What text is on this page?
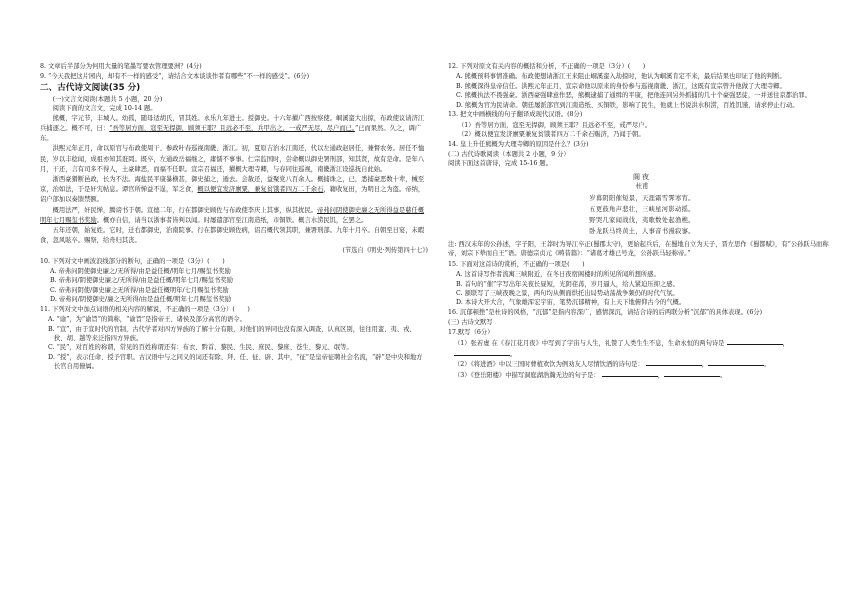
8. 文章后半部分为何用大量的笔墨写要农管理要洲？(4分)

9. “今天我把这片园内，却有不一样的感受”，请结合文本谈谈作者有哪些“不一样的感受”。(6分)

二、古代诗文阅读(35 分)

(一)文言文阅读(本题共 5 小题，20 分)

阅读下面的文言文，完成 10-14 题。

熊概，字元节，丰城人。幼孤，随母适胡氏，冒其姓。永乐九年进士。授御史。十六年擢广西按察使。峒溪蛮大出掠，布政使议请济江兵捕逐之。概不可，曰：“吾等居方面，寇至无捍御，顾须王耶？且远必不至，兵甲出之，一戒严无尽，尽户而已。”已而果然。久之，调广东。

洪熙元年正月，命以原官与布政使周干、参政叶春巡视南畿、浙江。初，夏原吉治水江南还，代以左通政赵居任，兼督农务。居任不恤民，岁以丰稔闻，成祖亦知其诳罔。既卒，左通政岳福继之，庸懦不事事。仁宗监国时，尝命概以御史署刑部，知其贤，故有是命。是年八月，干还，言有司多不得人，土豪肆恶，而福不任职。宣宗召福还，擢概大理寺卿，与春同往巡视，南畿浙江设巡抚自此始。

浙西豪猾断邑政，长为不法。海盐民平康暴横甚，御史捕之，遁去。会赦还，益聚党八百余人。概捕诛之，已，悉捕豪恶数十辈，械至京，治如法，于是奸宄帖息。谭官所惮益不逞，军乏食，概以便宜发济廪粟，兼复贫饿者四万二千余石，籍收复田，为明日之为盗。帝纳，诏户部加以奏馈禁额。

概用法严，奸民惮，腾谤书于朝。宣德二年，行在都御史顾佐与布政使李庆上其事，纵其扰民。帝弗问阴使御史廉之无所得益是慈任概明年七月赐玺书奖励。概亦自信，请当以浙事者皆判以闻。时屡遣部官至江南造纸，市铜铁。概言水涝民饥，乞罢之。

五年还朝，始复姓。它时，迁右都御史，治南院事。行在都御史顾佐病，诏召概代领其职，兼署刑部。九年十月卒。自朝至日宴，未暇食，忽风眩卒。赐祭，给舟归其丧。

(节选自《明史·列传第四十七》)

10. 下列对文中画波浪线部分的断句，正确的一项是（3分）(　　)

A. 帝弗问阴使御史廉之/无所得/由是益任概/明年七月/赐玺书奖励

B. 帝弗问/阴使御史廉之/无所得/由是益任概/明年七月/赐玺书奖励

C. 帝弗问阴使/御史廉之无所得/由是益任概明年/七月赐玺书奖励

D. 帝弗问/阴使御史/廉之无所得/由是益任概/明年七月赐玺书奖励

11. 下列对文中加点词语的相关内容的解说，不正确的一项是（3分）(　　)

A. “谕”，为“谕旨”的简称，“谕旨”是指帝王、诸侯及部分高官的语令。

B. “宣”，由于宣时代的官制，古代学者对四方异族的了解十分有限，对他们的异同也没有深入调查，认真区别，往往用蛮、夷、戎、狄、胡、越等来泛指四方异族。

C. “民”，对百姓的称谓，常见的百姓称谓还有：布衣、黔首、黎民、生民、庶民、黎庶、苍生、黎元、氓等。

D. “授”，表示任命、授予官职。古汉语中与之同义的词还有除、拜、任、征、辟、其中，“征”是皇帝征聘社会名流，“辟”是中央和地方长官自用僚属。

12. 下列对原文有关内容的概括和分析，不正确的一项是（3分）(　　)

A. 熊概预料事情准确。布政使想请浙江王来阻止峒溪蛮入劫掠时，他认为峒溪肯定不来，最后结果也印证了他的判断。

B. 熊概深得皇帝信任。洪熙元年正月，宣宗命他以原来的身份参与巡视南畿、浙江，这既有宣宗曾升他做了大理寺卿。

C. 熊概执法不畏强豪。浙西豪强肆意作恶，熊概逮捕了通缉的平康，把他连同另外抓捕的几十个豪强恶徒，一并送往京都治罪。

D. 熊概为官为民请命。朝廷屡派部官到江南造纸、买铜铁，影响了民生，他就上书说洪水积涝，百姓饥馑，请求停止行动。

13. 把文中画横线的句子翻译成现代汉语。(8分)

（1）吾等居方面，寇至无捍御，顾须王耶？且远必不至，戒严尽户。

（2）概以便宜发济廪粟兼复贫饿者四万二千余石赈济，乃闻于朝。

14. 皇上升任熊概为大理寺卿的原因是什么？(3分)

(二) 古代诗歌阅读（本题共 2 小题，9 分）

阅读下面这首唐诗，完成 15-16 题。

阁夜

杜甫

岁暮阴阳催短景，天涯霜雪霁寒宵。

五更鼓角声悲壮，三峡星河影动摇。

野哭几家闻战伐，夷歌数处起渔樵。

卧龙跃马终黄土，人事音书漫寂寥。

注: 西汉末年的公孙述，字子阳，王莽时为导江卒正(蜀郡太守)，更始起兵后，在蜀地自立为天子，晋左思作《蜀都赋》，有“公孙跃马而称帝，刘宗下辇而自王”语。唐德宗贞元《畴昔篇》：“诸葛才雄已号龙，公孙跃马轻称帝。”

15. 下面对这首诗的赏析，不正确的一项是(　　)

A. 这首诗写作者流寓三峡附近，在冬日夜宿阁楼时的所见所闻所想所感。

B. 首句的“催”字写出年关夜长昼短，光阴荏苒，岁月逼人，给人紧迫压抑之感。

C. 颔联写了三峡夜晚之景，两句均从侧面烘托出局势动荡战争频仍的时代气氛。

D. 本诗大开大合，气象雄浑宏宇宙，笔势沉郁精神，有上天下地俯仰古今的气概。

16. 沉郁顿挫”是杜诗的风格，“沉郁”是指内容深广，感情深沉，请结合诗的后两联分析“沉郁”的具体表现。(6分)

(三) 古诗文默写

17.默写（6分）

（1）张若虚 在《春江花月夜》中写到了宇宙与人生，礼赞了人类生生不息，生命永恒的两句诗是	，。

（2）《将进酒》中以三国时曹植欢饮为例劝友人尽情饮酒的诗句是：	，	。

（3）《登岳阳楼》中描写洞庭湖浩瀚无边的句子是：	，	。
